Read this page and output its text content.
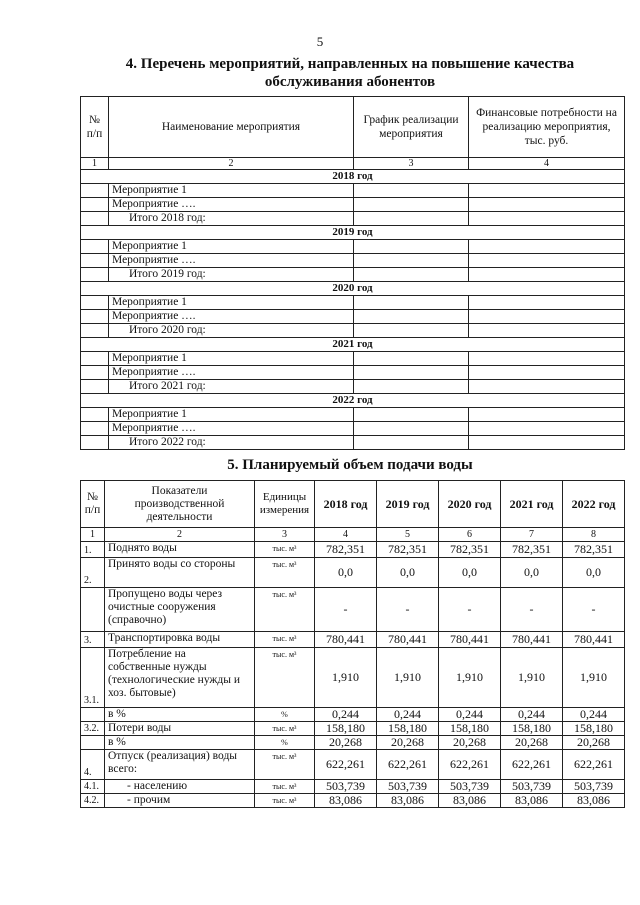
5
4. Перечень мероприятий, направленных на повышение качества
обслуживания абонентов
№ п/п	Наименование мероприятия	График реализации мероприятия	Финансовые потребности на реализацию мероприятия, тыс. руб.
1	2	3	4
2018 год			
	Мероприятие 1		
	Мероприятие ….		
	Итого 2018 год:		
2019 год			
	Мероприятие 1		
	Мероприятие ….		
	Итого 2019 год:		
2020 год			
	Мероприятие 1		
	Мероприятие ….		
	Итого 2020 год:		
2021 год			
	Мероприятие 1		
	Мероприятие ….		
	Итого 2021 год:		
2022 год			
	Мероприятие 1		
	Мероприятие ….		
	Итого 2022 год:		
5. Планируемый объем подачи воды
№ п/п	Показатели производственной деятельности	Единицы измерения	2018 год	2019 год	2020 год	2021 год	2022 год
1	2	3	4	5	6	7	8
1.	Поднято воды	тыс. м³	782,351	782,351	782,351	782,351	782,351
2.	Принято воды со стороны	тыс. м³	0,0	0,0	0,0	0,0	0,0
	Пропущено воды через очистные сооружения (справочно)	тыс. м³	-	-	-	-	-
3.	Транспортировка воды	тыс. м³	780,441	780,441	780,441	780,441	780,441
3.1.	Потребление на собственные нужды (технологические нужды и хоз. бытовые)	тыс. м³	1,910	1,910	1,910	1,910	1,910
	в %	%	0,244	0,244	0,244	0,244	0,244
3.2.	Потери воды	тыс. м³	158,180	158,180	158,180	158,180	158,180
	в %	%	20,268	20,268	20,268	20,268	20,268
4.	Отпуск (реализация) воды всего:	тыс. м³	622,261	622,261	622,261	622,261	622,261
4.1.	- населению	тыс. м³	503,739	503,739	503,739	503,739	503,739
4.2.	- прочим	тыс. м³	83,086	83,086	83,086	83,086	83,086
